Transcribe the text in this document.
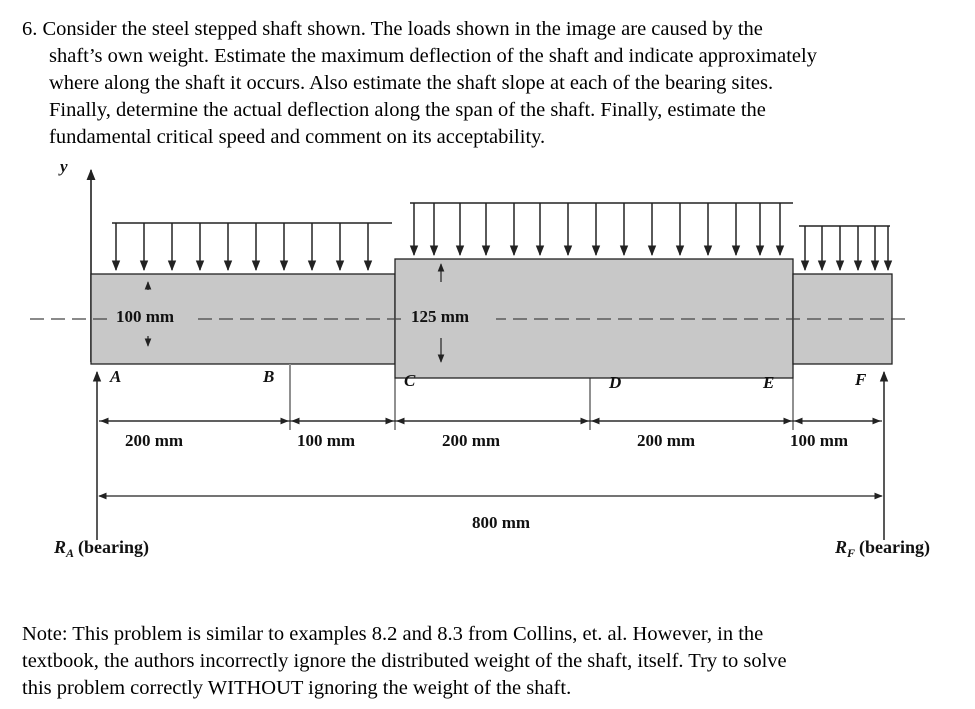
6. Consider the steel stepped shaft shown. The loads shown in the image are caused by the
shaft’s own weight. Estimate the maximum deflection of the shaft and indicate approximately
where along the shaft it occurs. Also estimate the shaft slope at each of the bearing sites.
Finally, determine the actual deflection along the span of the shaft. Finally, estimate the
fundamental critical speed and comment on its acceptability.
y
100 mm	125 mm
A	B	C	D	E	F
200 mm	100 mm	200 mm	200 mm	100 mm
800 mm
$R_A$ (bearing)	$R_F$ (bearing)
Note: This problem is similar to examples 8.2 and 8.3 from Collins, et. al. However, in the
textbook, the authors incorrectly ignore the distributed weight of the shaft, itself. Try to solve
this problem correctly WITHOUT ignoring the weight of the shaft.
